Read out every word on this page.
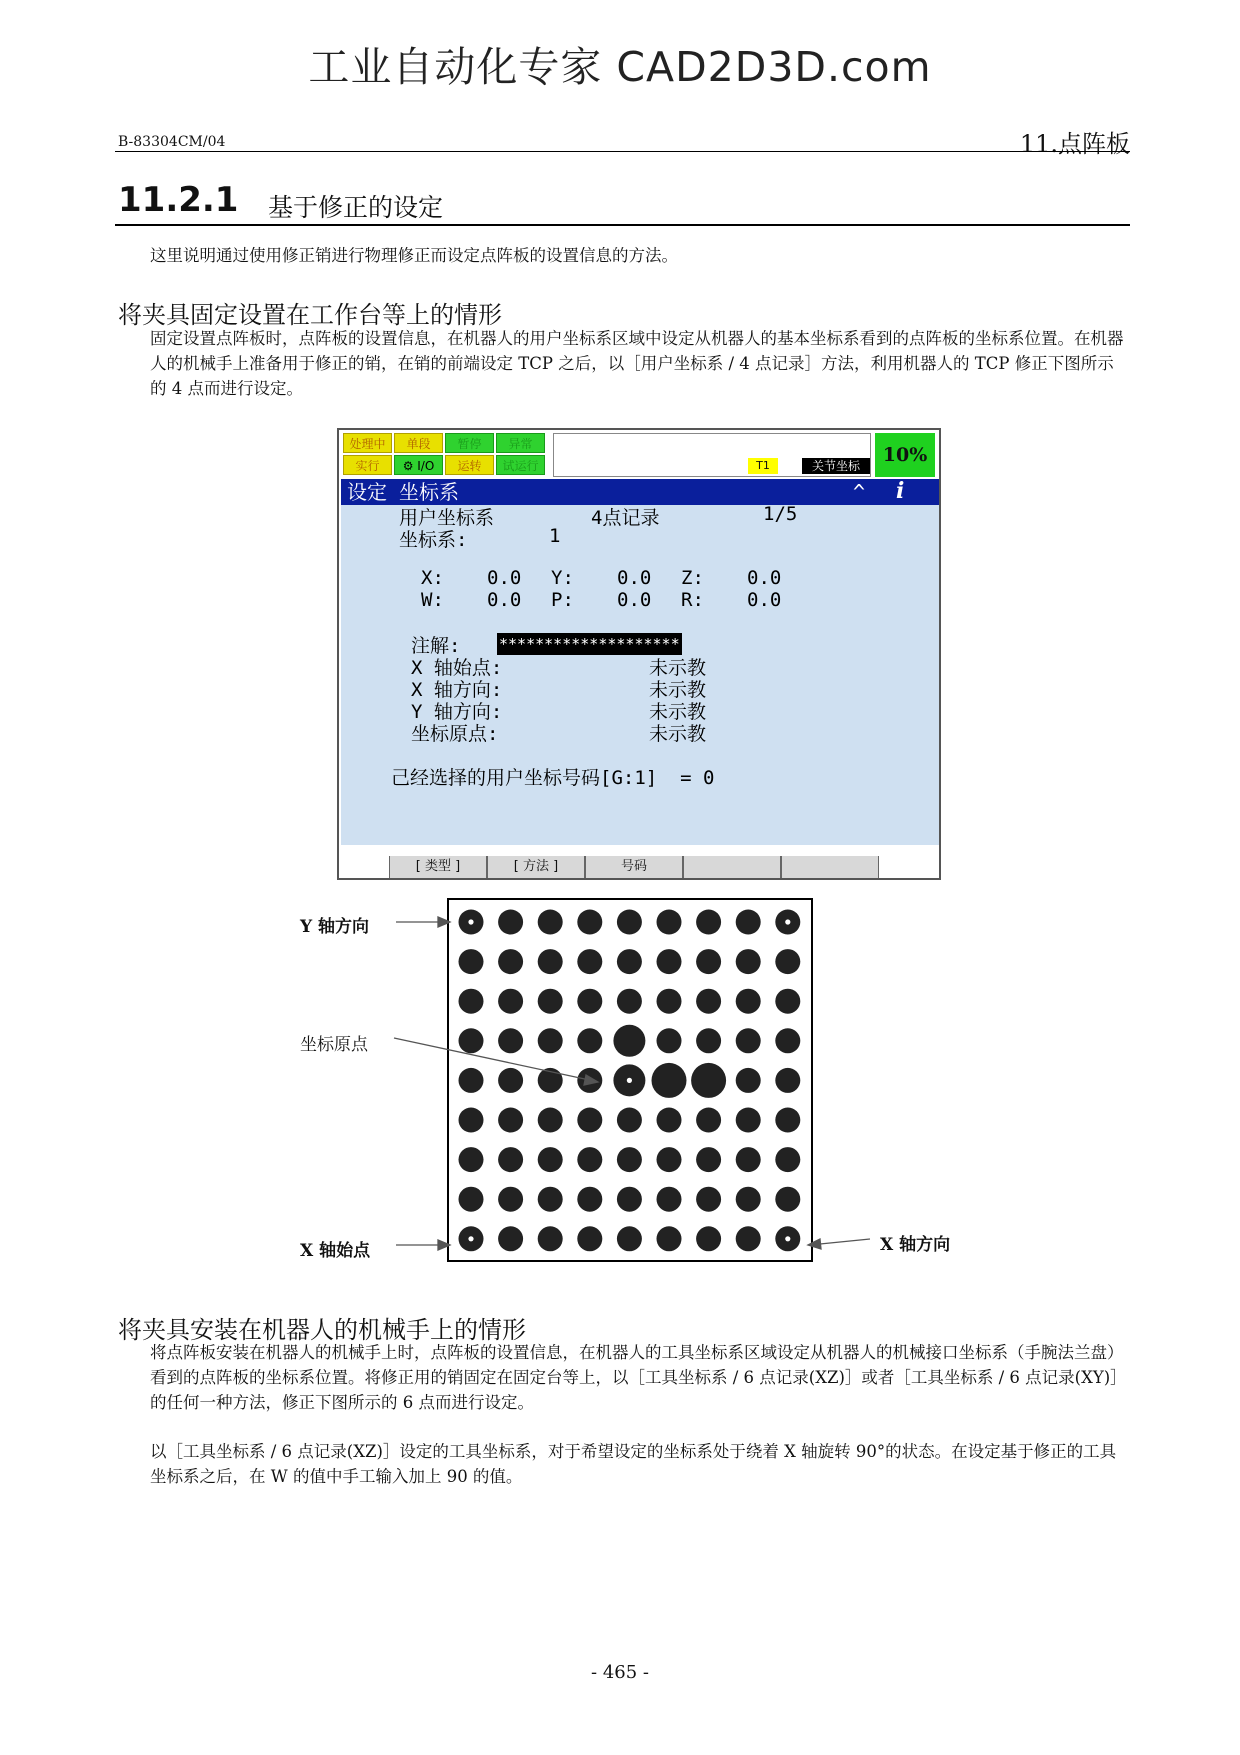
工业自动化专家 CAD2D3D.com
B-83304CM/04	11.点阵板
11.2.1 基于修正的设定
这里说明通过使用修正销进行物理修正而设定点阵板的设置信息的方法。
将夹具固定设置在工作台等上的情形
固定设置点阵板时，点阵板的设置信息，在机器人的用户坐标系区域中设定从机器人的基本坐标系看到的点阵板的坐标系位置。在机器人的机械手上准备用于修正的销，在销的前端设定 TCP 之后，以［用户坐标系 / 4 点记录］方法，利用机器人的 TCP 修正下图所示的 4 点而进行设定。
处理中	单段	暂停	异常
实行	⚙ I/O	运转	试运行	T1	关节坐标	10%
设定 坐标系	^ i
用户坐标系	4点记录	1/5
坐标系:	1
X: 0.0 Y: 0.0 Z: 0.0
W: 0.0 P: 0.0 R: 0.0
注解:	********************
X 轴始点:	未示教
X 轴方向:	未示教
Y 轴方向:	未示教
坐标原点:	未示教
己经选择的用户坐标号码[G:1]  = 0
[ 类型 ]	[ 方法 ]	号码
Y 轴方向
坐标原点
X 轴始点	X 轴方向
将夹具安装在机器人的机械手上的情形
将点阵板安装在机器人的机械手上时，点阵板的设置信息，在机器人的工具坐标系区域设定从机器人的机械接口坐标系（手腕法兰盘）看到的点阵板的坐标系位置。将修正用的销固定在固定台等上，以［工具坐标系 / 6 点记录(XZ)］或者［工具坐标系 / 6 点记录(XY)］的任何一种方法，修正下图所示的 6 点而进行设定。
以［工具坐标系 / 6 点记录(XZ)］设定的工具坐标系，对于希望设定的坐标系处于绕着 X 轴旋转 90°的状态。在设定基于修正的工具坐标系之后，在 W 的值中手工输入加上 90 的值。
- 465 -
